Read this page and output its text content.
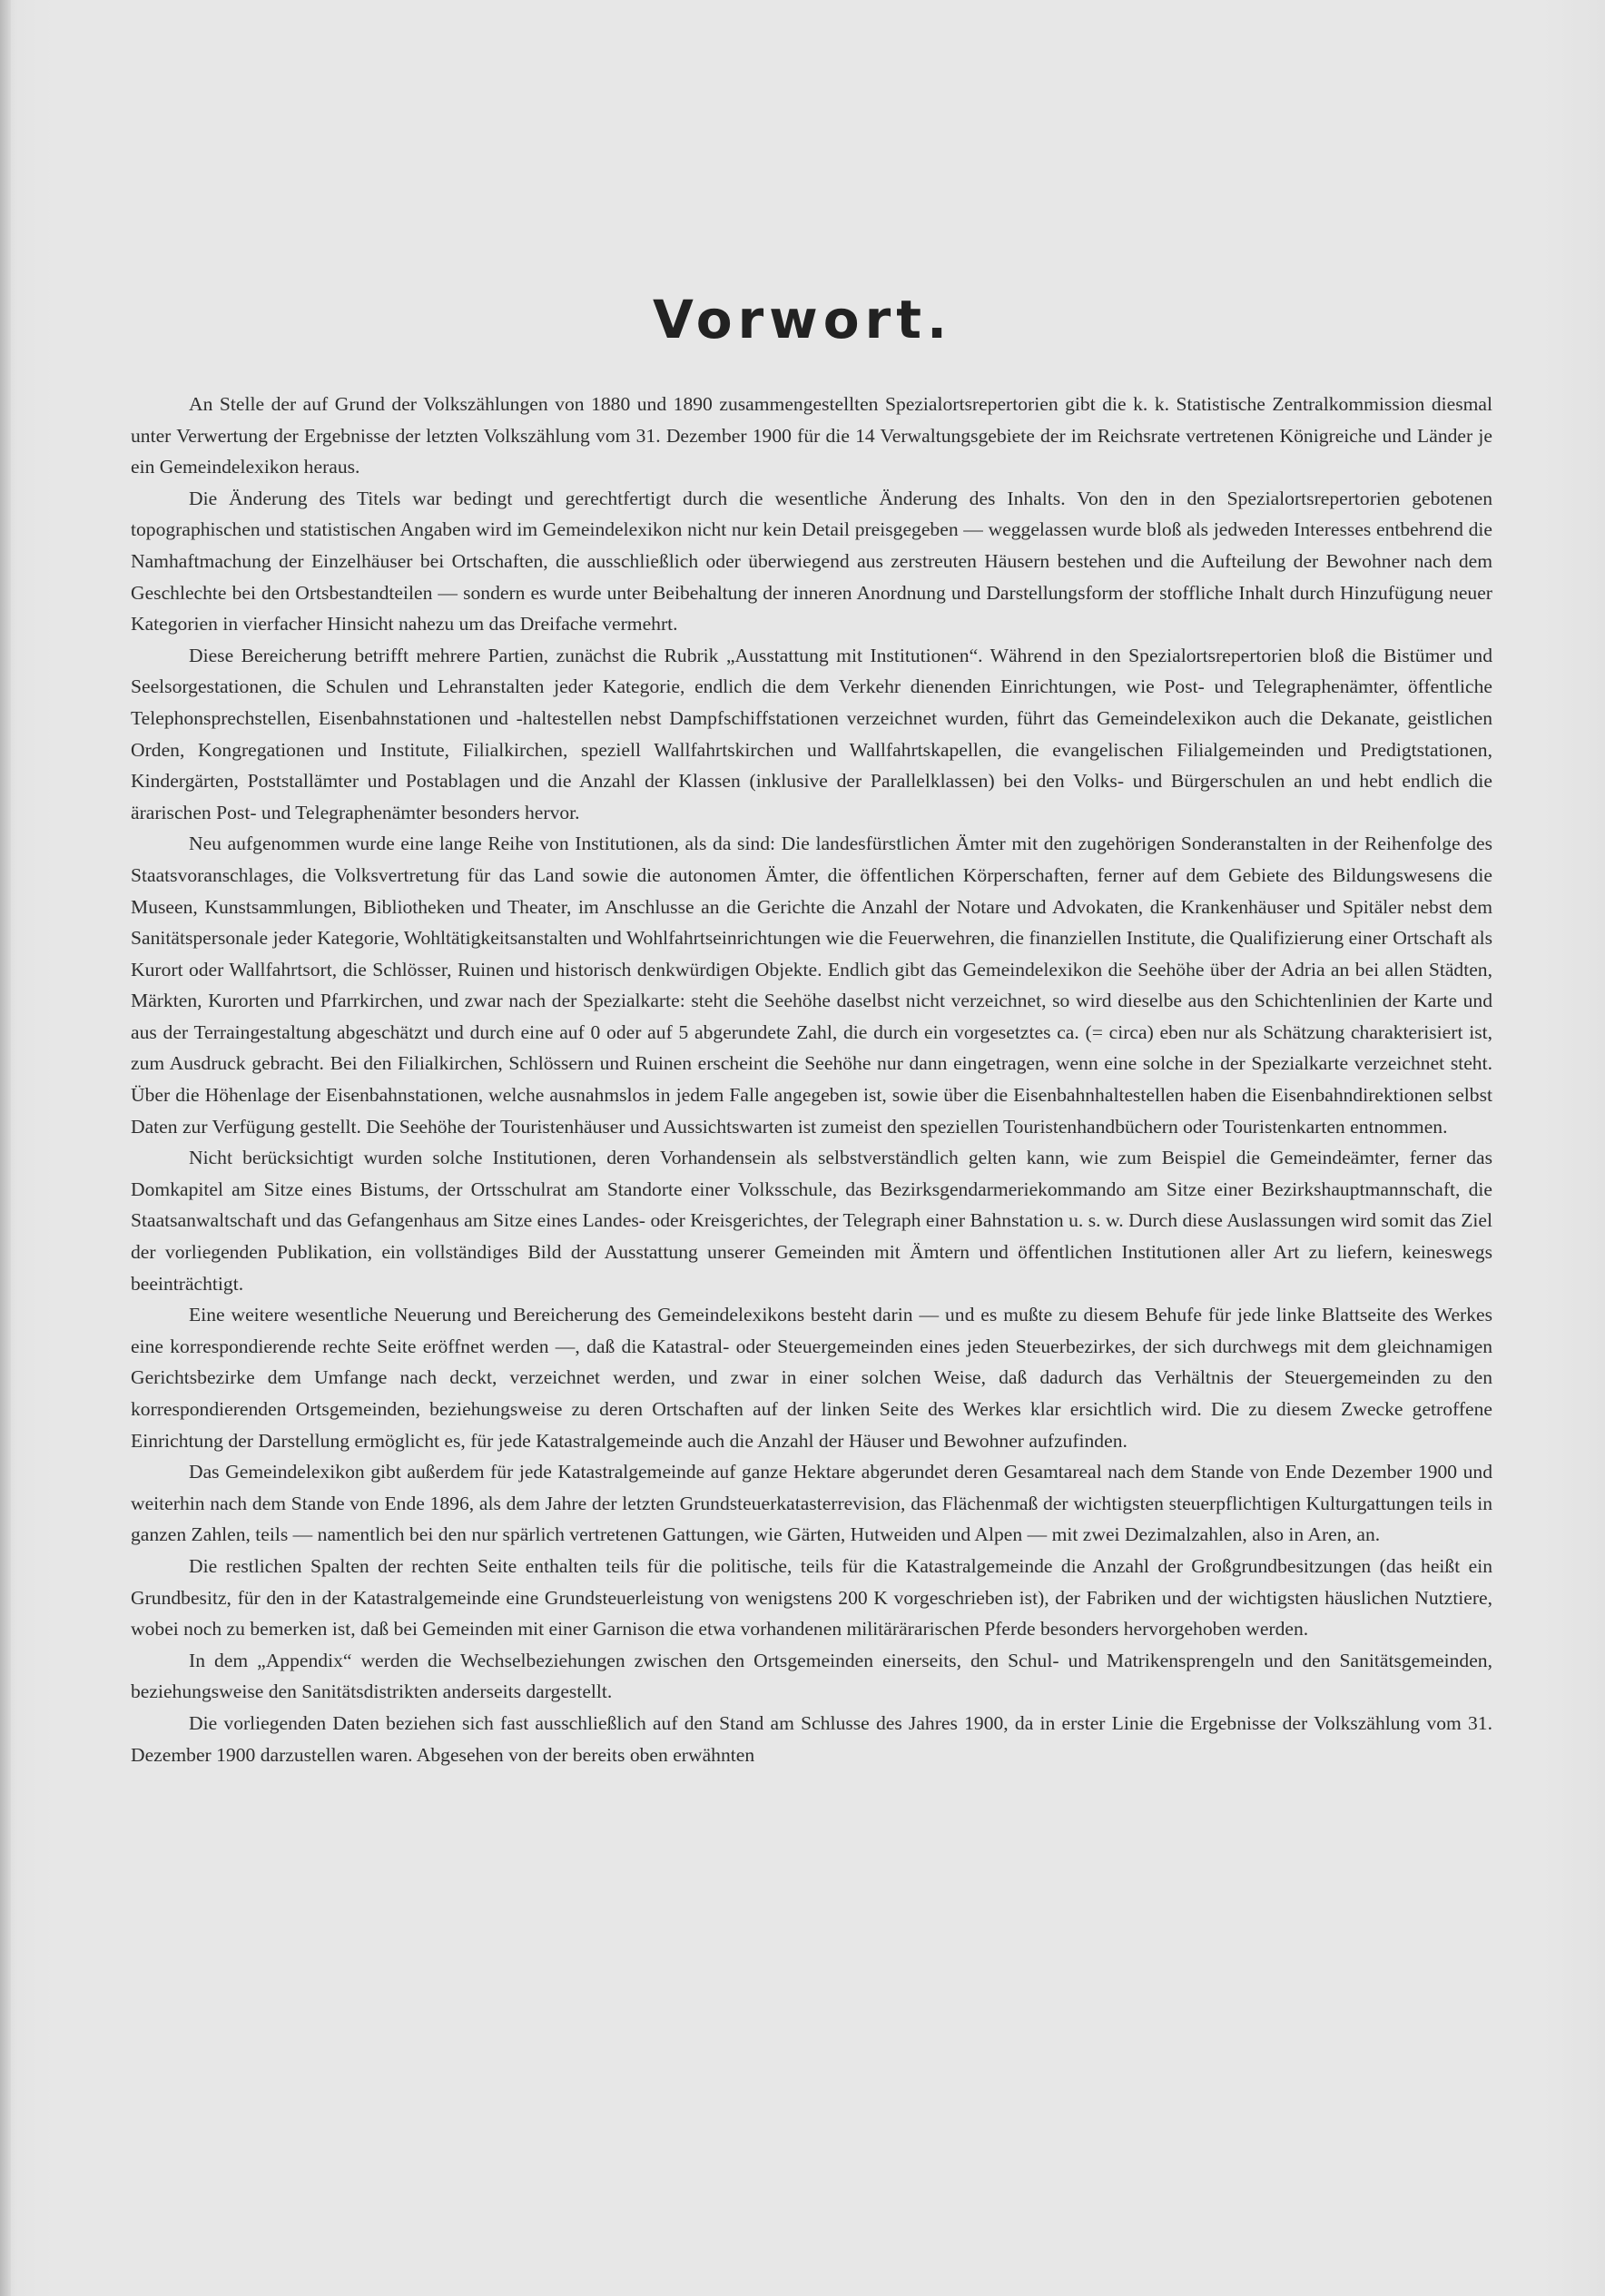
Vorwort.

An Stelle der auf Grund der Volkszählungen von 1880 und 1890 zusammengestellten Spezialortsrepertorien gibt die k. k. Statistische Zentralkommission diesmal unter Verwertung der Ergebnisse der letzten Volkszählung vom 31. Dezember 1900 für die 14 Verwaltungsgebiete der im Reichsrate vertretenen Königreiche und Länder je ein Gemeindelexikon heraus.

Die Änderung des Titels war bedingt und gerechtfertigt durch die wesentliche Änderung des Inhalts. Von den in den Spezialortsrepertorien gebotenen topographischen und statistischen Angaben wird im Gemeindelexikon nicht nur kein Detail preisgegeben — weggelassen wurde bloß als jedweden Interesses entbehrend die Namhaftmachung der Einzelhäuser bei Ortschaften, die ausschließlich oder überwiegend aus zerstreuten Häusern bestehen und die Aufteilung der Bewohner nach dem Geschlechte bei den Ortsbestandteilen — sondern es wurde unter Beibehaltung der inneren Anordnung und Darstellungsform der stoffliche Inhalt durch Hinzufügung neuer Kategorien in vierfacher Hinsicht nahezu um das Dreifache vermehrt.

Diese Bereicherung betrifft mehrere Partien, zunächst die Rubrik „Ausstattung mit Institutionen“. Während in den Spezialortsrepertorien bloß die Bistümer und Seelsorgestationen, die Schulen und Lehranstalten jeder Kategorie, endlich die dem Verkehr dienenden Einrichtungen, wie Post- und Telegraphenämter, öffentliche Telephonsprechstellen, Eisenbahnstationen und -haltestellen nebst Dampfschiffstationen verzeichnet wurden, führt das Gemeindelexikon auch die Dekanate, geistlichen Orden, Kongregationen und Institute, Filialkirchen, speziell Wallfahrtskirchen und Wallfahrtskapellen, die evangelischen Filialgemeinden und Predigtstationen, Kindergärten, Poststallämter und Postablagen und die Anzahl der Klassen (inklusive der Parallelklassen) bei den Volks- und Bürgerschulen an und hebt endlich die ärarischen Post- und Telegraphenämter besonders hervor.

Neu aufgenommen wurde eine lange Reihe von Institutionen, als da sind: Die landesfürstlichen Ämter mit den zugehörigen Sonderanstalten in der Reihenfolge des Staatsvoranschlages, die Volksvertretung für das Land sowie die autonomen Ämter, die öffentlichen Körperschaften, ferner auf dem Gebiete des Bildungswesens die Museen, Kunstsammlungen, Bibliotheken und Theater, im Anschlusse an die Gerichte die Anzahl der Notare und Advokaten, die Krankenhäuser und Spitäler nebst dem Sanitätspersonale jeder Kategorie, Wohltätigkeitsanstalten und Wohlfahrtseinrichtungen wie die Feuerwehren, die finanziellen Institute, die Qualifizierung einer Ortschaft als Kurort oder Wallfahrtsort, die Schlösser, Ruinen und historisch denkwürdigen Objekte. Endlich gibt das Gemeindelexikon die Seehöhe über der Adria an bei allen Städten, Märkten, Kurorten und Pfarrkirchen, und zwar nach der Spezialkarte: steht die Seehöhe daselbst nicht verzeichnet, so wird dieselbe aus den Schichtenlinien der Karte und aus der Terraingestaltung abgeschätzt und durch eine auf 0 oder auf 5 abgerundete Zahl, die durch ein vorgesetztes ca. (= circa) eben nur als Schätzung charakterisiert ist, zum Ausdruck gebracht. Bei den Filialkirchen, Schlössern und Ruinen erscheint die Seehöhe nur dann eingetragen, wenn eine solche in der Spezialkarte verzeichnet steht. Über die Höhenlage der Eisenbahnstationen, welche ausnahmslos in jedem Falle angegeben ist, sowie über die Eisenbahnhaltestellen haben die Eisenbahndirektionen selbst Daten zur Verfügung gestellt. Die Seehöhe der Touristenhäuser und Aussichtswarten ist zumeist den speziellen Touristenhandbüchern oder Touristenkarten entnommen.

Nicht berücksichtigt wurden solche Institutionen, deren Vorhandensein als selbstverständlich gelten kann, wie zum Beispiel die Gemeindeämter, ferner das Domkapitel am Sitze eines Bistums, der Ortsschulrat am Standorte einer Volksschule, das Bezirksgendarmeriekommando am Sitze einer Bezirkshauptmannschaft, die Staatsanwaltschaft und das Gefangenhaus am Sitze eines Landes- oder Kreisgerichtes, der Telegraph einer Bahnstation u. s. w. Durch diese Auslassungen wird somit das Ziel der vorliegenden Publikation, ein vollständiges Bild der Ausstattung unserer Gemeinden mit Ämtern und öffentlichen Institutionen aller Art zu liefern, keineswegs beeinträchtigt.

Eine weitere wesentliche Neuerung und Bereicherung des Gemeindelexikons besteht darin — und es mußte zu diesem Behufe für jede linke Blattseite des Werkes eine korrespondierende rechte Seite eröffnet werden —, daß die Katastral- oder Steuergemeinden eines jeden Steuerbezirkes, der sich durchwegs mit dem gleichnamigen Gerichtsbezirke dem Umfange nach deckt, verzeichnet werden, und zwar in einer solchen Weise, daß dadurch das Verhältnis der Steuergemeinden zu den korrespondierenden Ortsgemeinden, beziehungsweise zu deren Ortschaften auf der linken Seite des Werkes klar ersichtlich wird. Die zu diesem Zwecke getroffene Einrichtung der Darstellung ermöglicht es, für jede Katastralgemeinde auch die Anzahl der Häuser und Bewohner aufzufinden.

Das Gemeindelexikon gibt außerdem für jede Katastralgemeinde auf ganze Hektare abgerundet deren Gesamtareal nach dem Stande von Ende Dezember 1900 und weiterhin nach dem Stande von Ende 1896, als dem Jahre der letzten Grundsteuerkatasterrevision, das Flächenmaß der wichtigsten steuerpflichtigen Kulturgattungen teils in ganzen Zahlen, teils — namentlich bei den nur spärlich vertretenen Gattungen, wie Gärten, Hutweiden und Alpen — mit zwei Dezimalzahlen, also in Aren, an.

Die restlichen Spalten der rechten Seite enthalten teils für die politische, teils für die Katastralgemeinde die Anzahl der Großgrundbesitzungen (das heißt ein Grundbesitz, für den in der Katastralgemeinde eine Grundsteuerleistung von wenigstens 200 K vorgeschrieben ist), der Fabriken und der wichtigsten häuslichen Nutztiere, wobei noch zu bemerken ist, daß bei Gemeinden mit einer Garnison die etwa vorhandenen militärärarischen Pferde besonders hervorgehoben werden.

In dem „Appendix“ werden die Wechselbeziehungen zwischen den Ortsgemeinden einerseits, den Schul- und Matrikensprengeln und den Sanitätsgemeinden, beziehungsweise den Sanitätsdistrikten anderseits dargestellt.

Die vorliegenden Daten beziehen sich fast ausschließlich auf den Stand am Schlusse des Jahres 1900, da in erster Linie die Ergebnisse der Volkszählung vom 31. Dezember 1900 darzustellen waren. Abgesehen von der bereits oben erwähnten
